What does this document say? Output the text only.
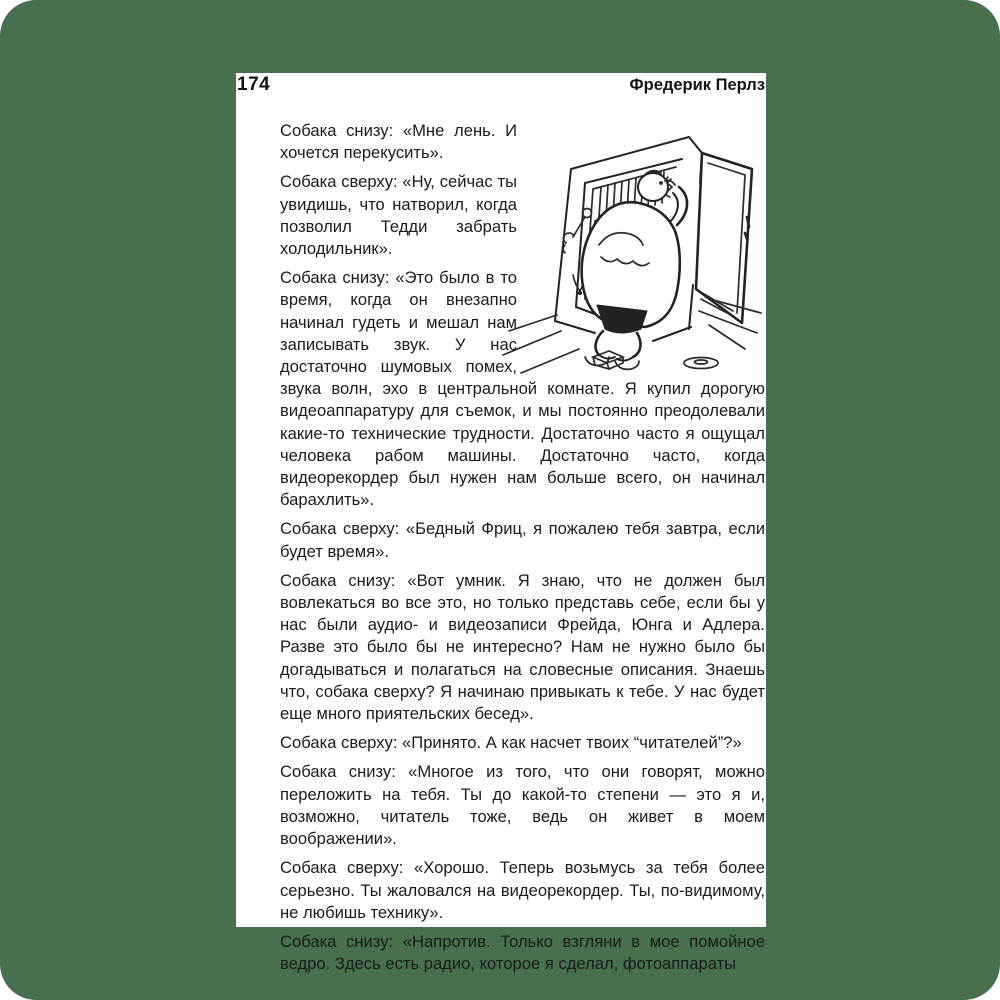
174	Фредерик Перлз

Собака снизу: «Мне лень. И хочется перекусить».

Собака сверху: «Ну, сейчас ты увидишь, что натворил, когда позволил Тедди забрать холодильник».

Собака снизу: «Это было в то время, когда он внезапно начинал гудеть и мешал нам записывать звук. У нас достаточно шумовых помех, звука волн, эхо в центральной комнате. Я купил дорогую видеоаппаратуру для съемок, и мы постоянно преодолевали какие-то технические трудности. Достаточно часто я ощущал человека рабом машины. Достаточно часто, когда видеорекордер был нужен нам больше всего, он начинал барахлить».

Собака сверху: «Бедный Фриц, я пожалею тебя завтра, если будет время».

Собака снизу: «Вот умник. Я знаю, что не должен был вовлекаться во все это, но только представь себе, если бы у нас были аудио- и видеозаписи Фрейда, Юнга и Адлера. Разве это было бы не интересно? Нам не нужно было бы догадываться и полагаться на словесные описания. Знаешь что, собака сверху? Я начинаю привыкать к тебе. У нас будет еще много приятельских бесед».

Собака сверху: «Принято. А как насчет твоих “читателей”?»

Собака снизу: «Многое из того, что они говорят, можно переложить на тебя. Ты до какой-то степени — это я и, возможно, читатель тоже, ведь он живет в моем воображении».

Собака сверху: «Хорошо. Теперь возьмусь за тебя более серьезно. Ты жаловался на видеорекордер. Ты, по-видимому, не любишь технику».

Собака снизу: «Напротив. Только взгляни в мое помойное ведро. Здесь есть радио, которое я сделал, фотоаппараты
